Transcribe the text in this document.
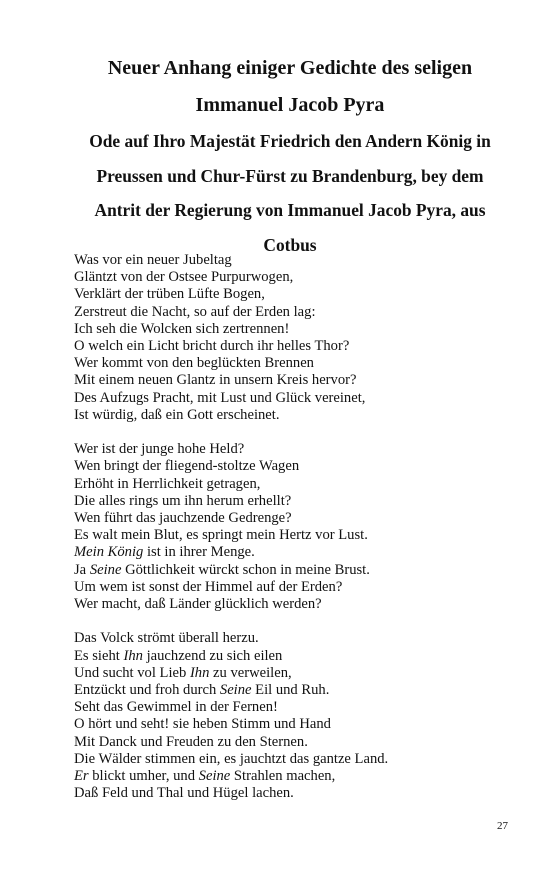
Neuer Anhang einiger Gedichte des seligen

Immanuel Jacob Pyra

Ode auf Ihro Majestät Friedrich den Andern König in

Preussen und Chur-Fürst zu Brandenburg, bey dem

Antrit der Regierung von Immanuel Jacob Pyra, aus

Cotbus

Was vor ein neuer Jubeltag
Gläntzt von der Ostsee Purpurwogen,
Verklärt der trüben Lüfte Bogen,
Zerstreut die Nacht, so auf der Erden lag:
Ich seh die Wolcken sich zertrennen!
O welch ein Licht bricht durch ihr helles Thor?
Wer kommt von den beglückten Brennen
Mit einem neuen Glantz in unsern Kreis hervor?
Des Aufzugs Pracht, mit Lust und Glück vereinet,
Ist würdig, daß ein Gott erscheinet.
Wer ist der junge hohe Held?
Wen bringt der fliegend-stoltze Wagen
Erhöht in Herrlichkeit getragen,
Die alles rings um ihn herum erhellt?
Wen führt das jauchzende Gedrenge?
Es walt mein Blut, es springt mein Hertz vor Lust.
Mein König ist in ihrer Menge.
Ja Seine Göttlichkeit würckt schon in meine Brust.
Um wem ist sonst der Himmel auf der Erden?
Wer macht, daß Länder glücklich werden?
Das Volck strömt überall herzu.
Es sieht Ihn jauchzend zu sich eilen
Und sucht vol Lieb Ihn zu verweilen,
Entzückt und froh durch Seine Eil und Ruh.
Seht das Gewimmel in der Fernen!
O hört und seht! sie heben Stimm und Hand
Mit Danck und Freuden zu den Sternen.
Die Wälder stimmen ein, es jauchtzt das gantze Land.
Er blickt umher, und Seine Strahlen machen,
Daß Feld und Thal und Hügel lachen.
27
